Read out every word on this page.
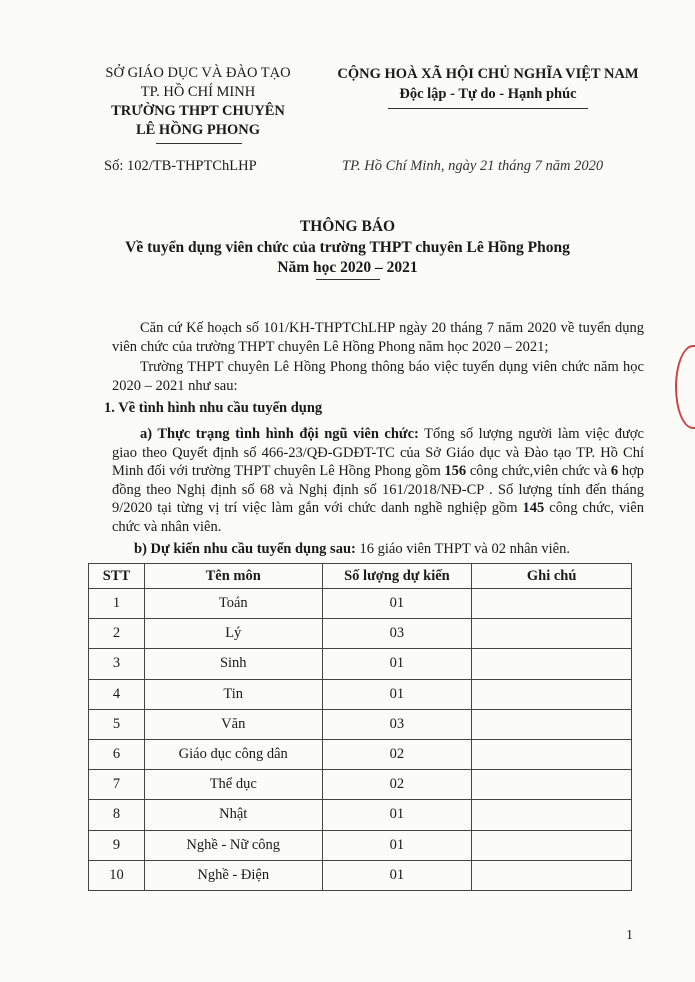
SỞ GIÁO DỤC VÀ ĐÀO TẠO
TP. HỒ CHÍ MINH
TRƯỜNG THPT CHUYÊN
LÊ HỒNG PHONG
CỘNG HOÀ XÃ HỘI CHỦ NGHĨA VIỆT NAM
Độc lập - Tự do - Hạnh phúc
Số: 102/TB-THPTChLHP	TP. Hồ Chí Minh, ngày 21 tháng 7 năm 2020
THÔNG BÁO
Về tuyển dụng viên chức của trường THPT chuyên Lê Hồng Phong
Năm học 2020 – 2021
Căn cứ Kế hoạch số 101/KH-THPTChLHP ngày 20 tháng 7 năm 2020 về tuyển dụng viên chức của trường THPT chuyên Lê Hồng Phong năm học 2020 – 2021;
Trường THPT chuyên Lê Hồng Phong thông báo việc tuyển dụng viên chức năm học 2020 – 2021 như sau:
1. Về tình hình nhu cầu tuyển dụng
a) Thực trạng tình hình đội ngũ viên chức: Tổng số lượng người làm việc được giao theo Quyết định số 466-23/QĐ-GDĐT-TC của Sở Giáo dục và Đào tạo TP. Hồ Chí Minh đối với trường THPT chuyên Lê Hồng Phong gồm 156 công chức,viên chức và 6 hợp đồng theo Nghị định số 68 và Nghị định số 161/2018/NĐ-CP . Số lượng tính đến tháng 9/2020 tại từng vị trí việc làm gắn với chức danh nghề nghiệp gồm 145 công chức, viên chức và nhân viên.
b) Dự kiến nhu cầu tuyển dụng sau: 16 giáo viên THPT và 02 nhân viên.
STT	Tên môn	Số lượng dự kiến	Ghi chú
1	Toán	01	
2	Lý	03	
3	Sinh	01	
4	Tin	01	
5	Văn	03	
6	Giáo dục công dân	02	
7	Thể dục	02	
8	Nhật	01	
9	Nghề - Nữ công	01	
10	Nghề - Điện	01	
1
